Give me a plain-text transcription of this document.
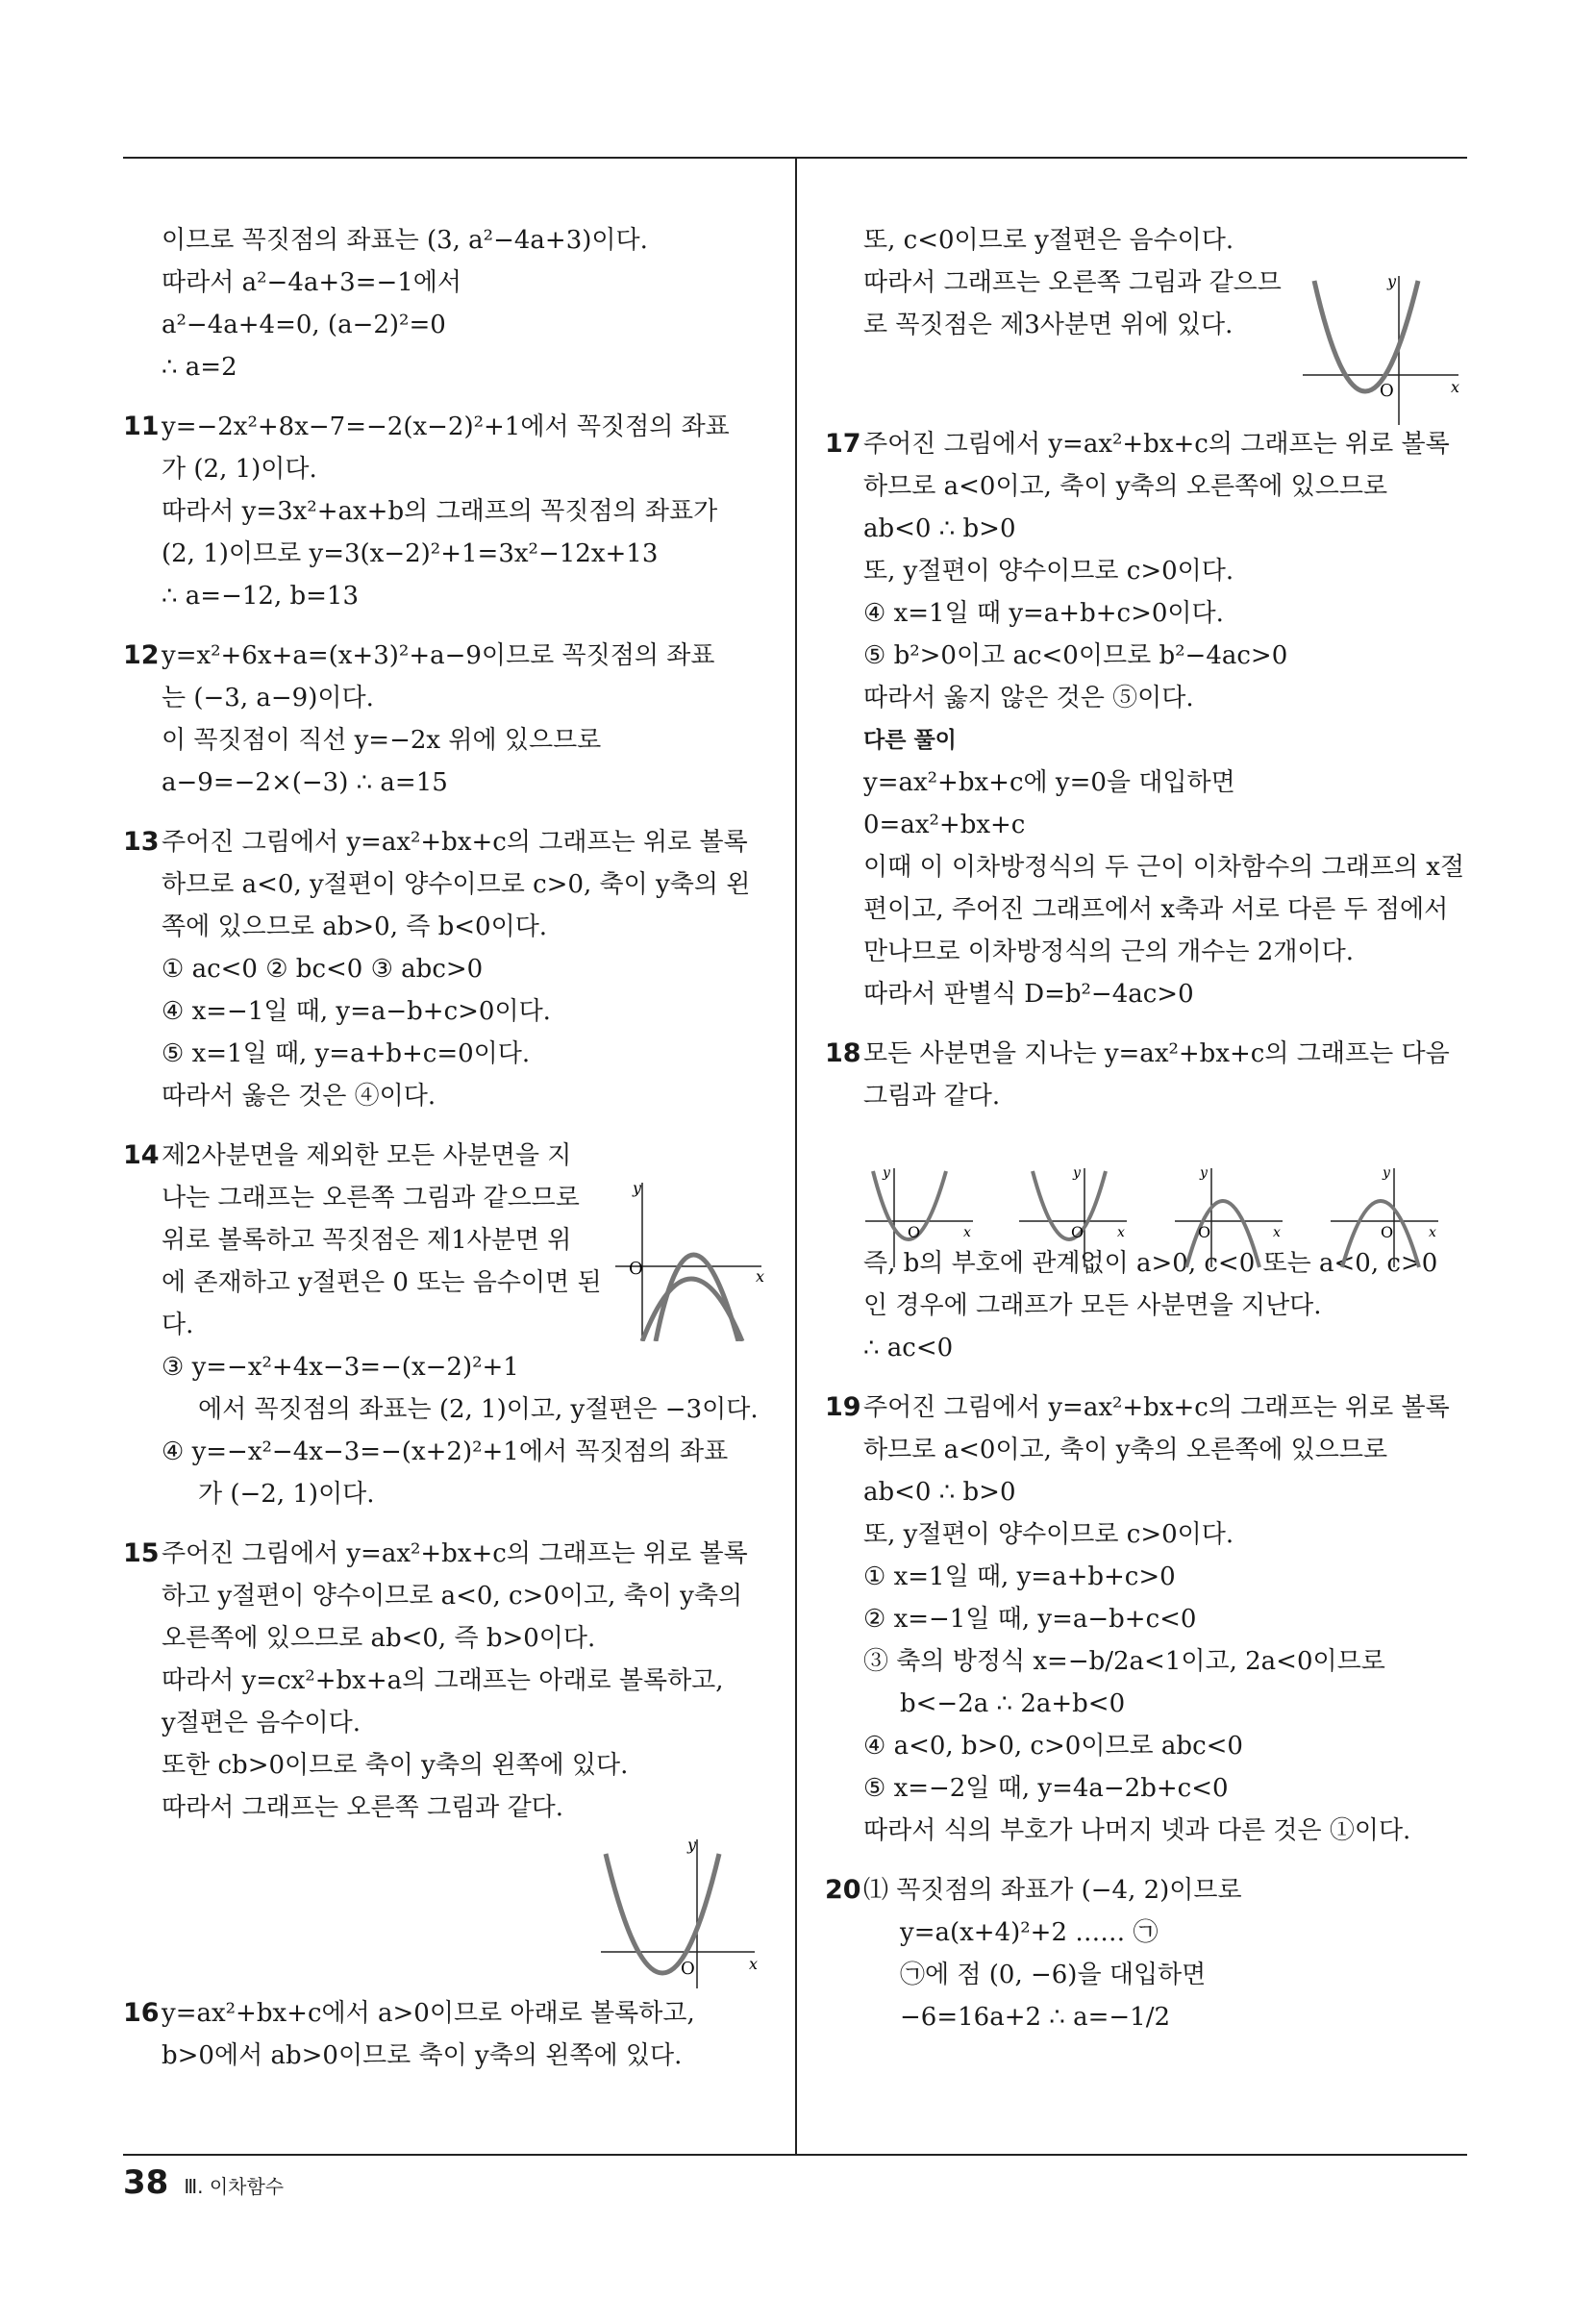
이므로 꼭짓점의 좌표는 (3, a²−4a+3)이다.
따라서 a²−4a+3=−1에서
a²−4a+4=0, (a−2)²=0
∴ a=2
11y=−2x²+8x−7=−2(x−2)²+1에서 꼭짓점의 좌표
가 (2, 1)이다.
따라서 y=3x²+ax+b의 그래프의 꼭짓점의 좌표가
(2, 1)이므로 y=3(x−2)²+1=3x²−12x+13
∴ a=−12, b=13
12y=x²+6x+a=(x+3)²+a−9이므로 꼭짓점의 좌표
는 (−3, a−9)이다.
이 꼭짓점이 직선 y=−2x 위에 있으므로
a−9=−2×(−3) ∴ a=15
13주어진 그림에서 y=ax²+bx+c의 그래프는 위로 볼록
하므로 a<0, y절편이 양수이므로 c>0, 축이 y축의 왼
쪽에 있으므로 ab>0, 즉 b<0이다.
① ac<0 ② bc<0 ③ abc>0
④ x=−1일 때, y=a−b+c>0이다.
⑤ x=1일 때, y=a+b+c=0이다.
따라서 옳은 것은 ④이다.
14제2사분면을 제외한 모든 사분면을 지
나는 그래프는 오른쪽 그림과 같으므로
위로 볼록하고 꼭짓점은 제1사분면 위
에 존재하고 y절편은 0 또는 음수이면 된
다.
③ y=−x²+4x−3=−(x−2)²+1
에서 꼭짓점의 좌표는 (2, 1)이고, y절편은 −3이다.
④ y=−x²−4x−3=−(x+2)²+1에서 꼭짓점의 좌표
가 (−2, 1)이다.
15주어진 그림에서 y=ax²+bx+c의 그래프는 위로 볼록
하고 y절편이 양수이므로 a<0, c>0이고, 축이 y축의
오른쪽에 있으므로 ab<0, 즉 b>0이다.
따라서 y=cx²+bx+a의 그래프는 아래로 볼록하고,
y절편은 음수이다.
또한 cb>0이므로 축이 y축의 왼쪽에 있다.
따라서 그래프는 오른쪽 그림과 같다.
16y=ax²+bx+c에서 a>0이므로 아래로 볼록하고,
b>0에서 ab>0이므로 축이 y축의 왼쪽에 있다.
또, c<0이므로 y절편은 음수이다.
따라서 그래프는 오른쪽 그림과 같으므
로 꼭짓점은 제3사분면 위에 있다.
17주어진 그림에서 y=ax²+bx+c의 그래프는 위로 볼록
하므로 a<0이고, 축이 y축의 오른쪽에 있으므로
ab<0 ∴ b>0
또, y절편이 양수이므로 c>0이다.
④ x=1일 때 y=a+b+c>0이다.
⑤ b²>0이고 ac<0이므로 b²−4ac>0
따라서 옳지 않은 것은 ⑤이다.
다른 풀이
y=ax²+bx+c에 y=0을 대입하면
0=ax²+bx+c
이때 이 이차방정식의 두 근이 이차함수의 그래프의 x절
편이고, 주어진 그래프에서 x축과 서로 다른 두 점에서
만나므로 이차방정식의 근의 개수는 2개이다.
따라서 판별식 D=b²−4ac>0
18모든 사분면을 지나는 y=ax²+bx+c의 그래프는 다음
그림과 같다.
즉, b의 부호에 관계없이 a>0, c<0 또는 a<0, c>0
인 경우에 그래프가 모든 사분면을 지난다.
∴ ac<0
19주어진 그림에서 y=ax²+bx+c의 그래프는 위로 볼록
하므로 a<0이고, 축이 y축의 오른쪽에 있으므로
ab<0 ∴ b>0
또, y절편이 양수이므로 c>0이다.
① x=1일 때, y=a+b+c>0
② x=−1일 때, y=a−b+c<0
③ 축의 방정식 x=−b/2a<1이고, 2a<0이므로
b<−2a ∴ 2a+b<0
④ a<0, b>0, c>0이므로 abc<0
⑤ x=−2일 때, y=4a−2b+c<0
따라서 식의 부호가 나머지 넷과 다른 것은 ①이다.
20⑴ 꼭짓점의 좌표가 (−4, 2)이므로
y=a(x+4)²+2 …… ㉠
㉠에 점 (0, −6)을 대입하면
−6=16a+2 ∴ a=−1/2
O
y
x
O
y
x
O
y
x
O
y
x	O
y
x	O
y
x	O
y
x
38 Ⅲ. 이차함수
